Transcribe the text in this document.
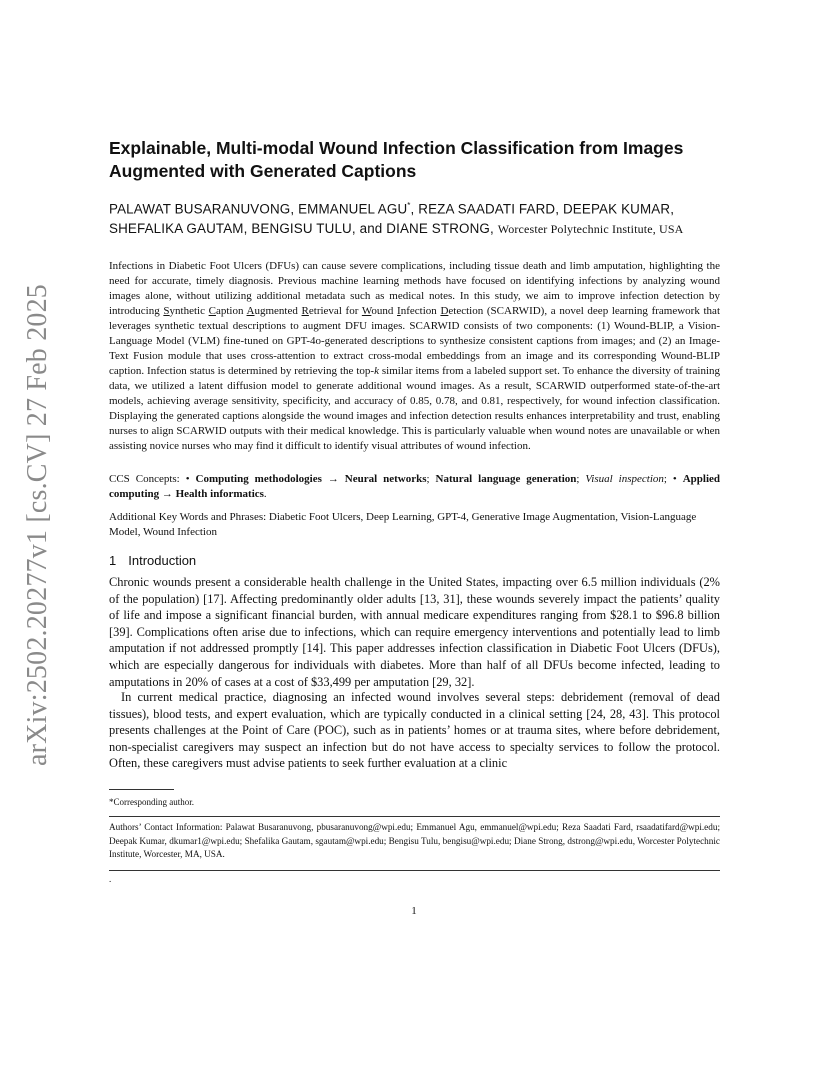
arXiv:2502.20277v1 [cs.CV] 27 Feb 2025
Explainable, Multi-modal Wound Infection Classification from Images Augmented with Generated Captions
PALAWAT BUSARANUVONG, EMMANUEL AGU*, REZA SAADATI FARD, DEEPAK KUMAR, SHEFALIKA GAUTAM, BENGISU TULU, and DIANE STRONG, Worcester Polytechnic Institute, USA
Infections in Diabetic Foot Ulcers (DFUs) can cause severe complications, including tissue death and limb amputation, highlighting the need for accurate, timely diagnosis. Previous machine learning methods have focused on identifying infections by analyzing wound images alone, without utilizing additional metadata such as medical notes. In this study, we aim to improve infection detection by introducing Synthetic Caption Augmented Retrieval for Wound Infection Detection (SCARWID), a novel deep learning framework that leverages synthetic textual descriptions to augment DFU images. SCARWID consists of two components: (1) Wound-BLIP, a Vision-Language Model (VLM) fine-tuned on GPT-4o-generated descriptions to synthesize consistent captions from images; and (2) an Image-Text Fusion module that uses cross-attention to extract cross-modal embeddings from an image and its corresponding Wound-BLIP caption. Infection status is determined by retrieving the top-k similar items from a labeled support set. To enhance the diversity of training data, we utilized a latent diffusion model to generate additional wound images. As a result, SCARWID outperformed state-of-the-art models, achieving average sensitivity, specificity, and accuracy of 0.85, 0.78, and 0.81, respectively, for wound infection classification. Displaying the generated captions alongside the wound images and infection detection results enhances interpretability and trust, enabling nurses to align SCARWID outputs with their medical knowledge. This is particularly valuable when wound notes are unavailable or when assisting novice nurses who may find it difficult to identify visual attributes of wound infection.
CCS Concepts: • Computing methodologies → Neural networks; Natural language generation; Visual inspection; • Applied computing → Health informatics.
Additional Key Words and Phrases: Diabetic Foot Ulcers, Deep Learning, GPT-4, Generative Image Augmentation, Vision-Language Model, Wound Infection
1 Introduction

Chronic wounds present a considerable health challenge in the United States, impacting over 6.5 million individuals (2% of the population) [17]. Affecting predominantly older adults [13, 31], these wounds severely impact the patients’ quality of life and impose a significant financial burden, with annual medicare expenditures ranging from $28.1 to $96.8 billion [39]. Complications often arise due to infections, which can require emergency interventions and potentially lead to limb amputation if not addressed promptly [14]. This paper addresses infection classification in Diabetic Foot Ulcers (DFUs), which are especially dangerous for individuals with diabetes. More than half of all DFUs become infected, leading to amputations in 20% of cases at a cost of $33,499 per amputation [29, 32].

In current medical practice, diagnosing an infected wound involves several steps: debridement (removal of dead tissues), blood tests, and expert evaluation, which are typically conducted in a clinical setting [24, 28, 43]. This protocol presents challenges at the Point of Care (POC), such as in patients’ homes or at trauma sites, where before debridement, non-specialist caregivers may suspect an infection but do not have access to specialty services to follow the protocol. Often, these caregivers must advise patients to seek further evaluation at a clinic

*Corresponding author.
Authors’ Contact Information: Palawat Busaranuvong, pbusaranuvong@wpi.edu; Emmanuel Agu, emmanuel@wpi.edu; Reza Saadati Fard, rsaadatifard@wpi.edu; Deepak Kumar, dkumar1@wpi.edu; Shefalika Gautam, sgautam@wpi.edu; Bengisu Tulu, bengisu@wpi.edu; Diane Strong, dstrong@wpi.edu, Worcester Polytechnic Institute, Worcester, MA, USA.
.
1
